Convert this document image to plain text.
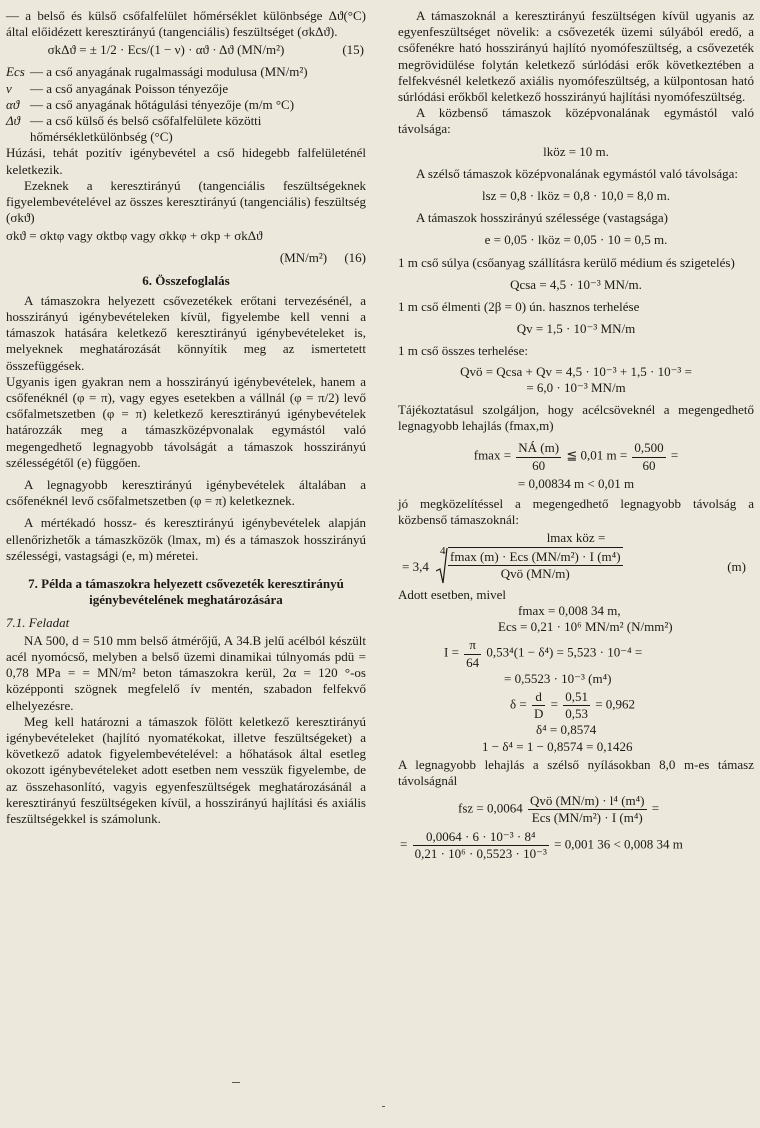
— a belső és külső csőfalfelület hőmérséklet különbsége Δϑ(°C) által előidézett keresztirányú (tangenciális) feszültséget (σkΔϑ).

σkΔϑ = ± 1/2 · Ecs/(1 − ν) · αϑ · Δϑ (MN/m²)	(15)
Ecs — a cső anyagának rugalmassági modulusa (MN/m²)
ν	— a cső anyagának Poisson tényezője
αϑ — a cső anyagának hőtágulási tényezője (m/m °C)
Δϑ — a cső külső és belső csőfalfelülete közötti hőmérsékletkülönbség (°C)

Húzási, tehát pozitív igénybevétel a cső hidegebb falfelületénél keletkezik.

Ezeknek a keresztirányú (tangenciális feszültségeknek figyelembevételével az összes keresztirányú (tangenciális) feszültség (σkϑ)

σkϑ = σktφ vagy σktbφ vagy σkkφ + σkp + σkΔϑ
(MN/m²) (16)
6. Összefoglalás

A támaszokra helyezett csővezetékek erőtani tervezésénél, a hosszirányú igénybevételeken kívül, figyelembe kell venni a támaszok hatására keletkező keresztirányú igénybevételeket is, melyeknek meghatározását könnyítik meg az ismertetett összefüggések.

Ugyanis igen gyakran nem a hosszirányú igénybevételek, hanem a csőfenéknél (φ = π), vagy egyes esetekben a vállnál (φ = π/2) levő csőfalmetszetben (φ = π) keletkező keresztirányú igénybevételek határozzák meg a támaszközépvonalak egymástól való megengedhető legnagyobb távolságát a támaszok hosszirányú szélességétől (e) függően.

A legnagyobb keresztirányú igénybevételek általában a csőfenéknél levő csőfalmetszetben (φ = π) keletkeznek.

A mértékadó hossz- és keresztirányú igénybevételek alapján ellenőrizhetők a támaszközök (lmax, m) és a támaszok hosszirányú szélességi, vastagsági (e, m) méretei.

7. Példa a támaszokra helyezett csővezeték keresztirányú igénybevételének meghatározására
7.1. Feladat

NA 500, d = 510 mm belső átmérőjű, A 34.B jelű acélból készült acél nyomócső, melyben a belső üzemi dinamikai túlnyomás pdü = 0,78 MPa = = MN/m² beton támaszokra kerül, 2α = 120 °-os középponti szögnek megfelelő ív mentén, szabadon felfekvő elhelyezésre.

Meg kell határozni a támaszok fölött keletkező keresztirányú igénybevételeket (hajlító nyomatékokat, illetve feszültségeket) a következő adatok figyelembevételével: a hőhatások által esetleg okozott igénybevételeket adott esetben nem vesszük figyelembe, de az összehasonlító, vagyis egyenfeszültségek meghatározásánál a keresztirányú feszültségeken kívül, a hosszirányú hajlítási és axiális feszültségekkel is számolunk.

A támaszoknál a keresztirányú feszültségen kívül ugyanis az egyenfeszültséget növelik: a csővezeték üzemi súlyából eredő, a csőfenékre ható hosszirányú hajlító nyomófeszültség, a csővezeték megrövidülése folytán keletkező súrlódási erők következtében a felfekvésnél keletkező axiális nyomófeszültség, a külpontosan ható súrlódási erőkből keletkező hosszirányú hajlítási nyomófeszültség.

A közbenső támaszok középvonalának egymástól való távolsága:

lköz = 10 m.

A szélső támaszok középvonalának egymástól való távolsága:

lsz = 0,8 · lköz = 0,8 · 10,0 = 8,0 m.

A támaszok hosszirányú szélessége (vastagsága)

e = 0,05 · lköz = 0,05 · 10 = 0,5 m.

1 m cső súlya (csőanyag szállításra kerülő médium és szigetelés)

Qcsa = 4,5 · 10⁻³ MN/m.

1 m cső élmenti (2β = 0) ún. hasznos terhelése

Qv = 1,5 · 10⁻³ MN/m

1 m cső összes terhelése:

Qvö = Qcsa + Qv = 4,5 · 10⁻³ + 1,5 · 10⁻³ =
= 6,0 · 10⁻³ MN/m

Tájékoztatásul szolgáljon, hogy acélcsöveknél a megengedhető legnagyobb lehajlás (fmax,m)

$fmax = \frac{NÁ (m)}{60}$ ≦ 0,01 $m = \frac{0,500}{60}$ =
= 0,00834 m < 0,01 m

jó megközelítéssel a megengedhető legnagyobb távolság a közbenső támaszoknál:

lmax köz =
= 3,4
4 fmax (m) · Ecs (MN/m²) · I (m⁴)
Qvö (MN/m)	(m)

Adott esetben, mivel

fmax = 0,008 34 m,
Ecs = 0,21 · 10⁶ MN/m² (N/mm²)
$I = \frac{\pi}{64} 0,53^4(1 - \delta^4) = 5,523 \cdot 10^{-4}$ =
= 0,5523 · 10⁻³ (m⁴)
$\delta = \frac{d}{D} = \frac{0,51}{0,53} = 0,962$
δ⁴ = 0,8574
1 − δ⁴ = 1 − 0,8574 = 0,1426

A legnagyobb lehajlás a szélső nyílásokban 8,0 m-es támasz távolságnál

fsz = $0,0064 \frac{\text{Qvö (MN/m) · l⁴ (m⁴)}}{\text{Ecs (MN/m²) · I (m⁴)}}$ =
= $\frac{\text{0,0064 · 6 · 10⁻³ · 8⁴}}{\text{0,21 · 10⁶ · 0,5523 · 10⁻³}} = 0,001$ 36 < 0,008 34 m
